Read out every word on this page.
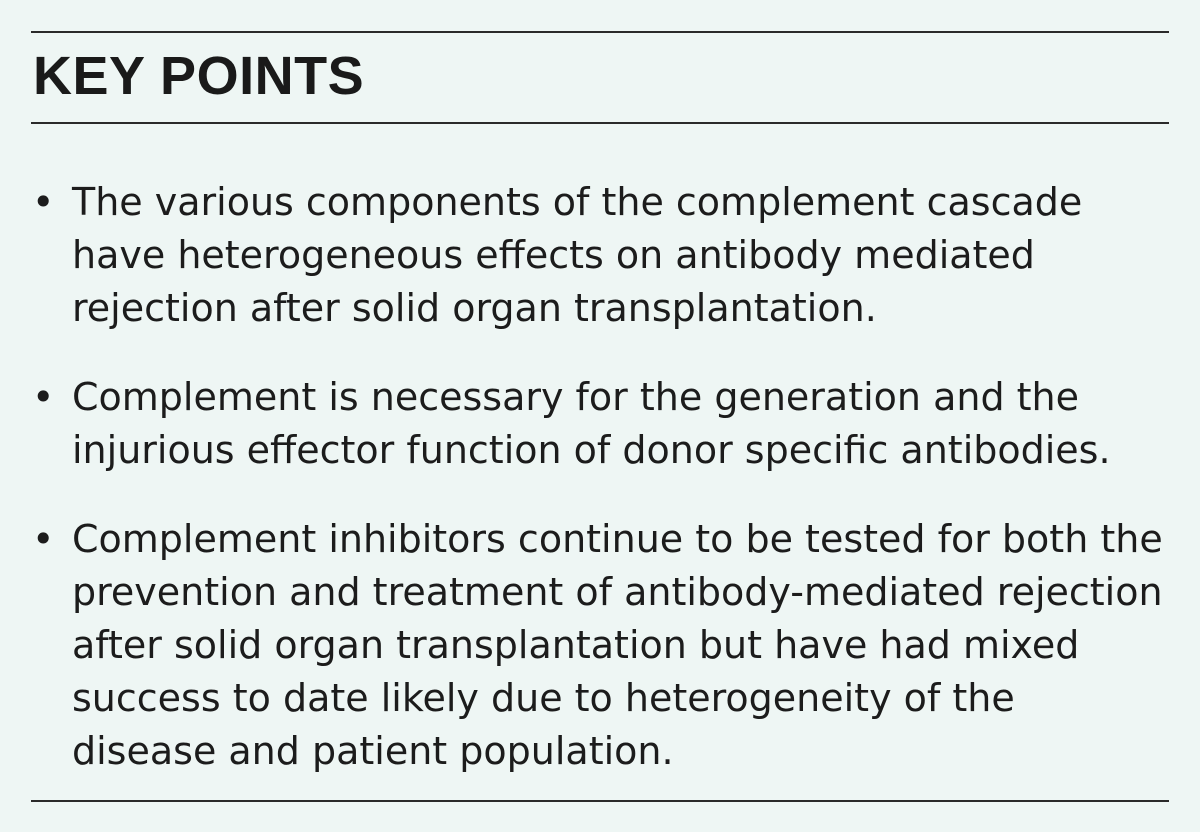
KEY POINTS
• The various components of the complement cascade have heterogeneous effects on antibody mediated rejection after solid organ transplantation.
• Complement is necessary for the generation and the injurious effector function of donor specific antibodies.
• Complement inhibitors continue to be tested for both the prevention and treatment of antibody-mediated rejection after solid organ transplantation but have had mixed success to date likely due to heterogeneity of the disease and patient population.
